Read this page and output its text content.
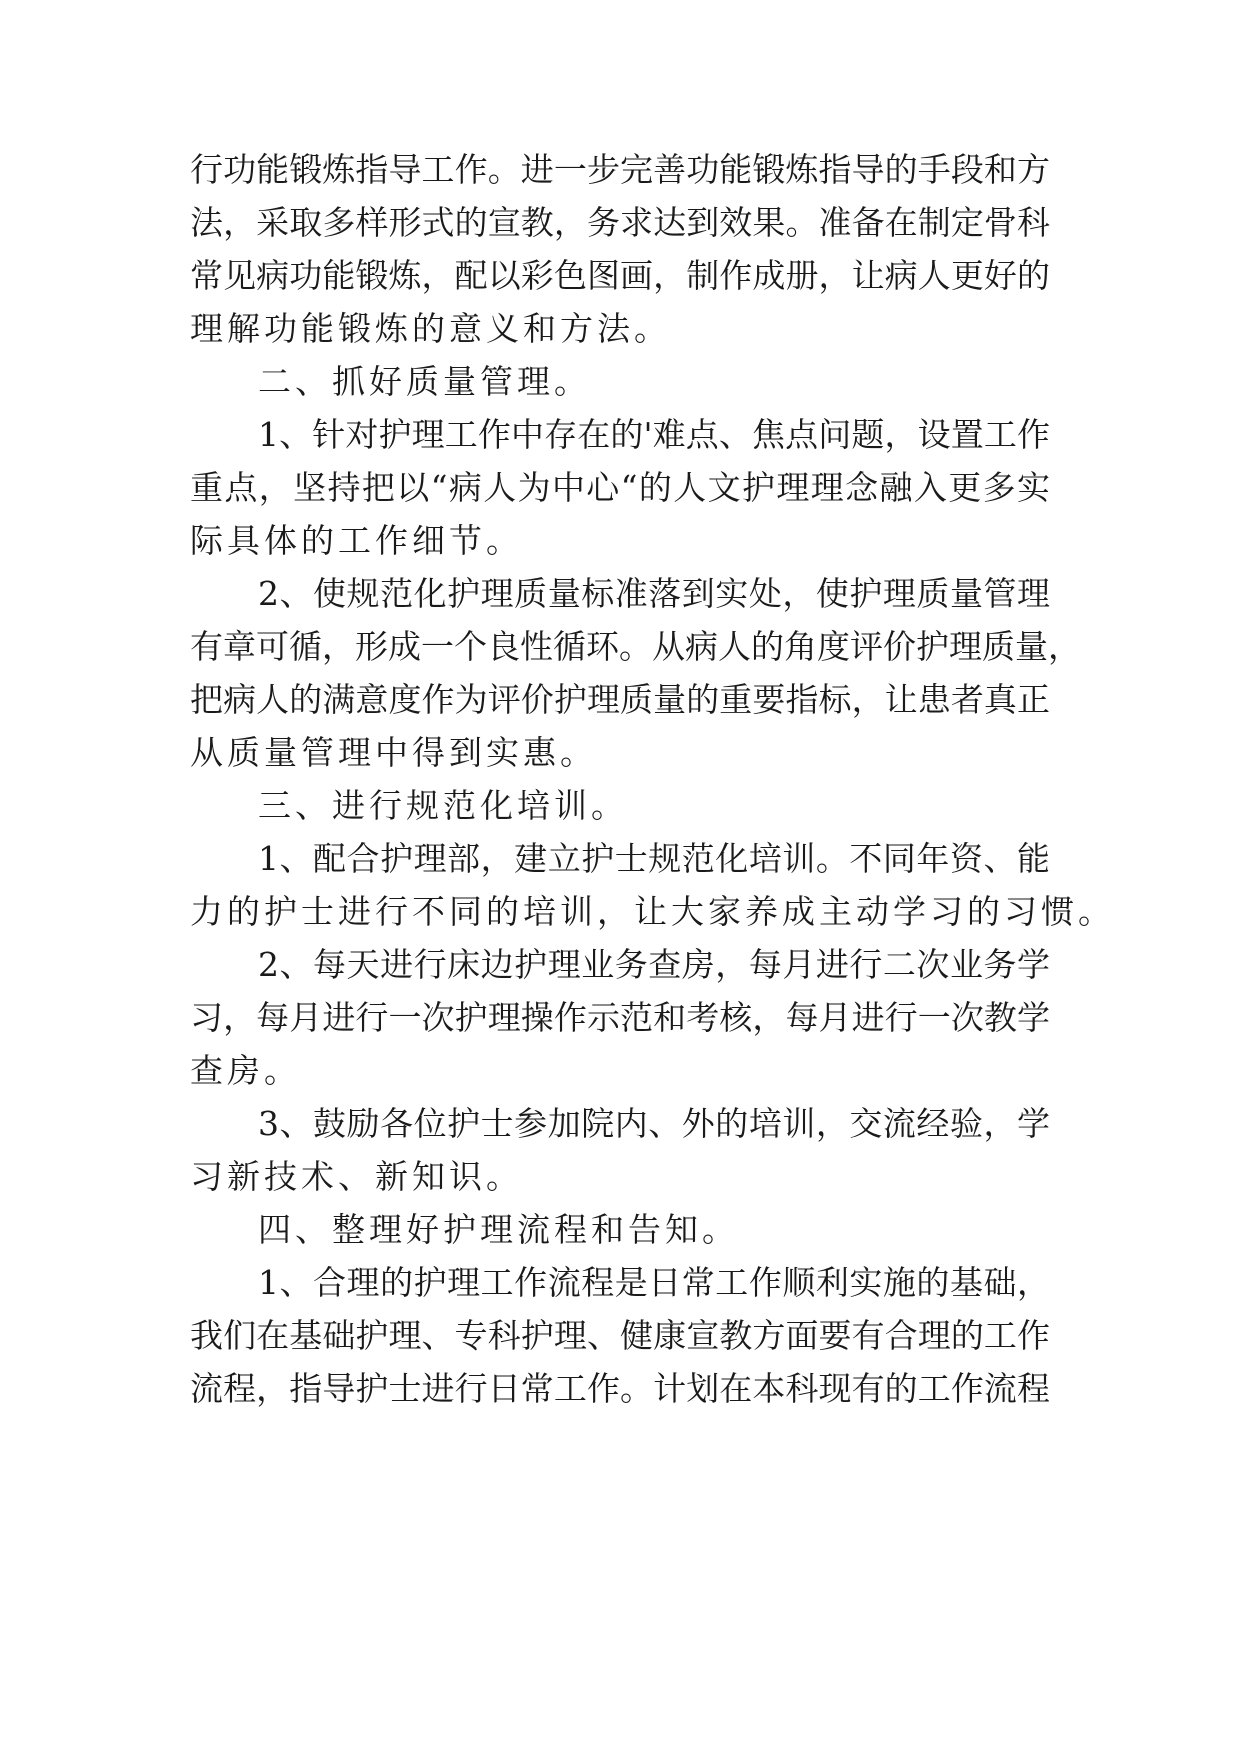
行功能锻炼指导工作。进一步完善功能锻炼指导的手段和方
法，采取多样形式的宣教，务求达到效果。准备在制定骨科
常见病功能锻炼，配以彩色图画，制作成册，让病人更好的
理解功能锻炼的意义和方法。
二、抓好质量管理。
1、针对护理工作中存在的'难点、焦点问题，设置工作
重点，坚持把以“病人为中心“的人文护理理念融入更多实
际具体的工作细节。
2、使规范化护理质量标准落到实处，使护理质量管理
有章可循，形成一个良性循环。从病人的角度评价护理质量，
把病人的满意度作为评价护理质量的重要指标，让患者真正
从质量管理中得到实惠。
三、进行规范化培训。
1、配合护理部，建立护士规范化培训。不同年资、能
力的护士进行不同的培训，让大家养成主动学习的习惯。
2、每天进行床边护理业务查房，每月进行二次业务学
习，每月进行一次护理操作示范和考核，每月进行一次教学
查房。
3、鼓励各位护士参加院内、外的培训，交流经验，学
习新技术、新知识。
四、整理好护理流程和告知。
1、合理的护理工作流程是日常工作顺利实施的基础，
我们在基础护理、专科护理、健康宣教方面要有合理的工作
流程，指导护士进行日常工作。计划在本科现有的工作流程
